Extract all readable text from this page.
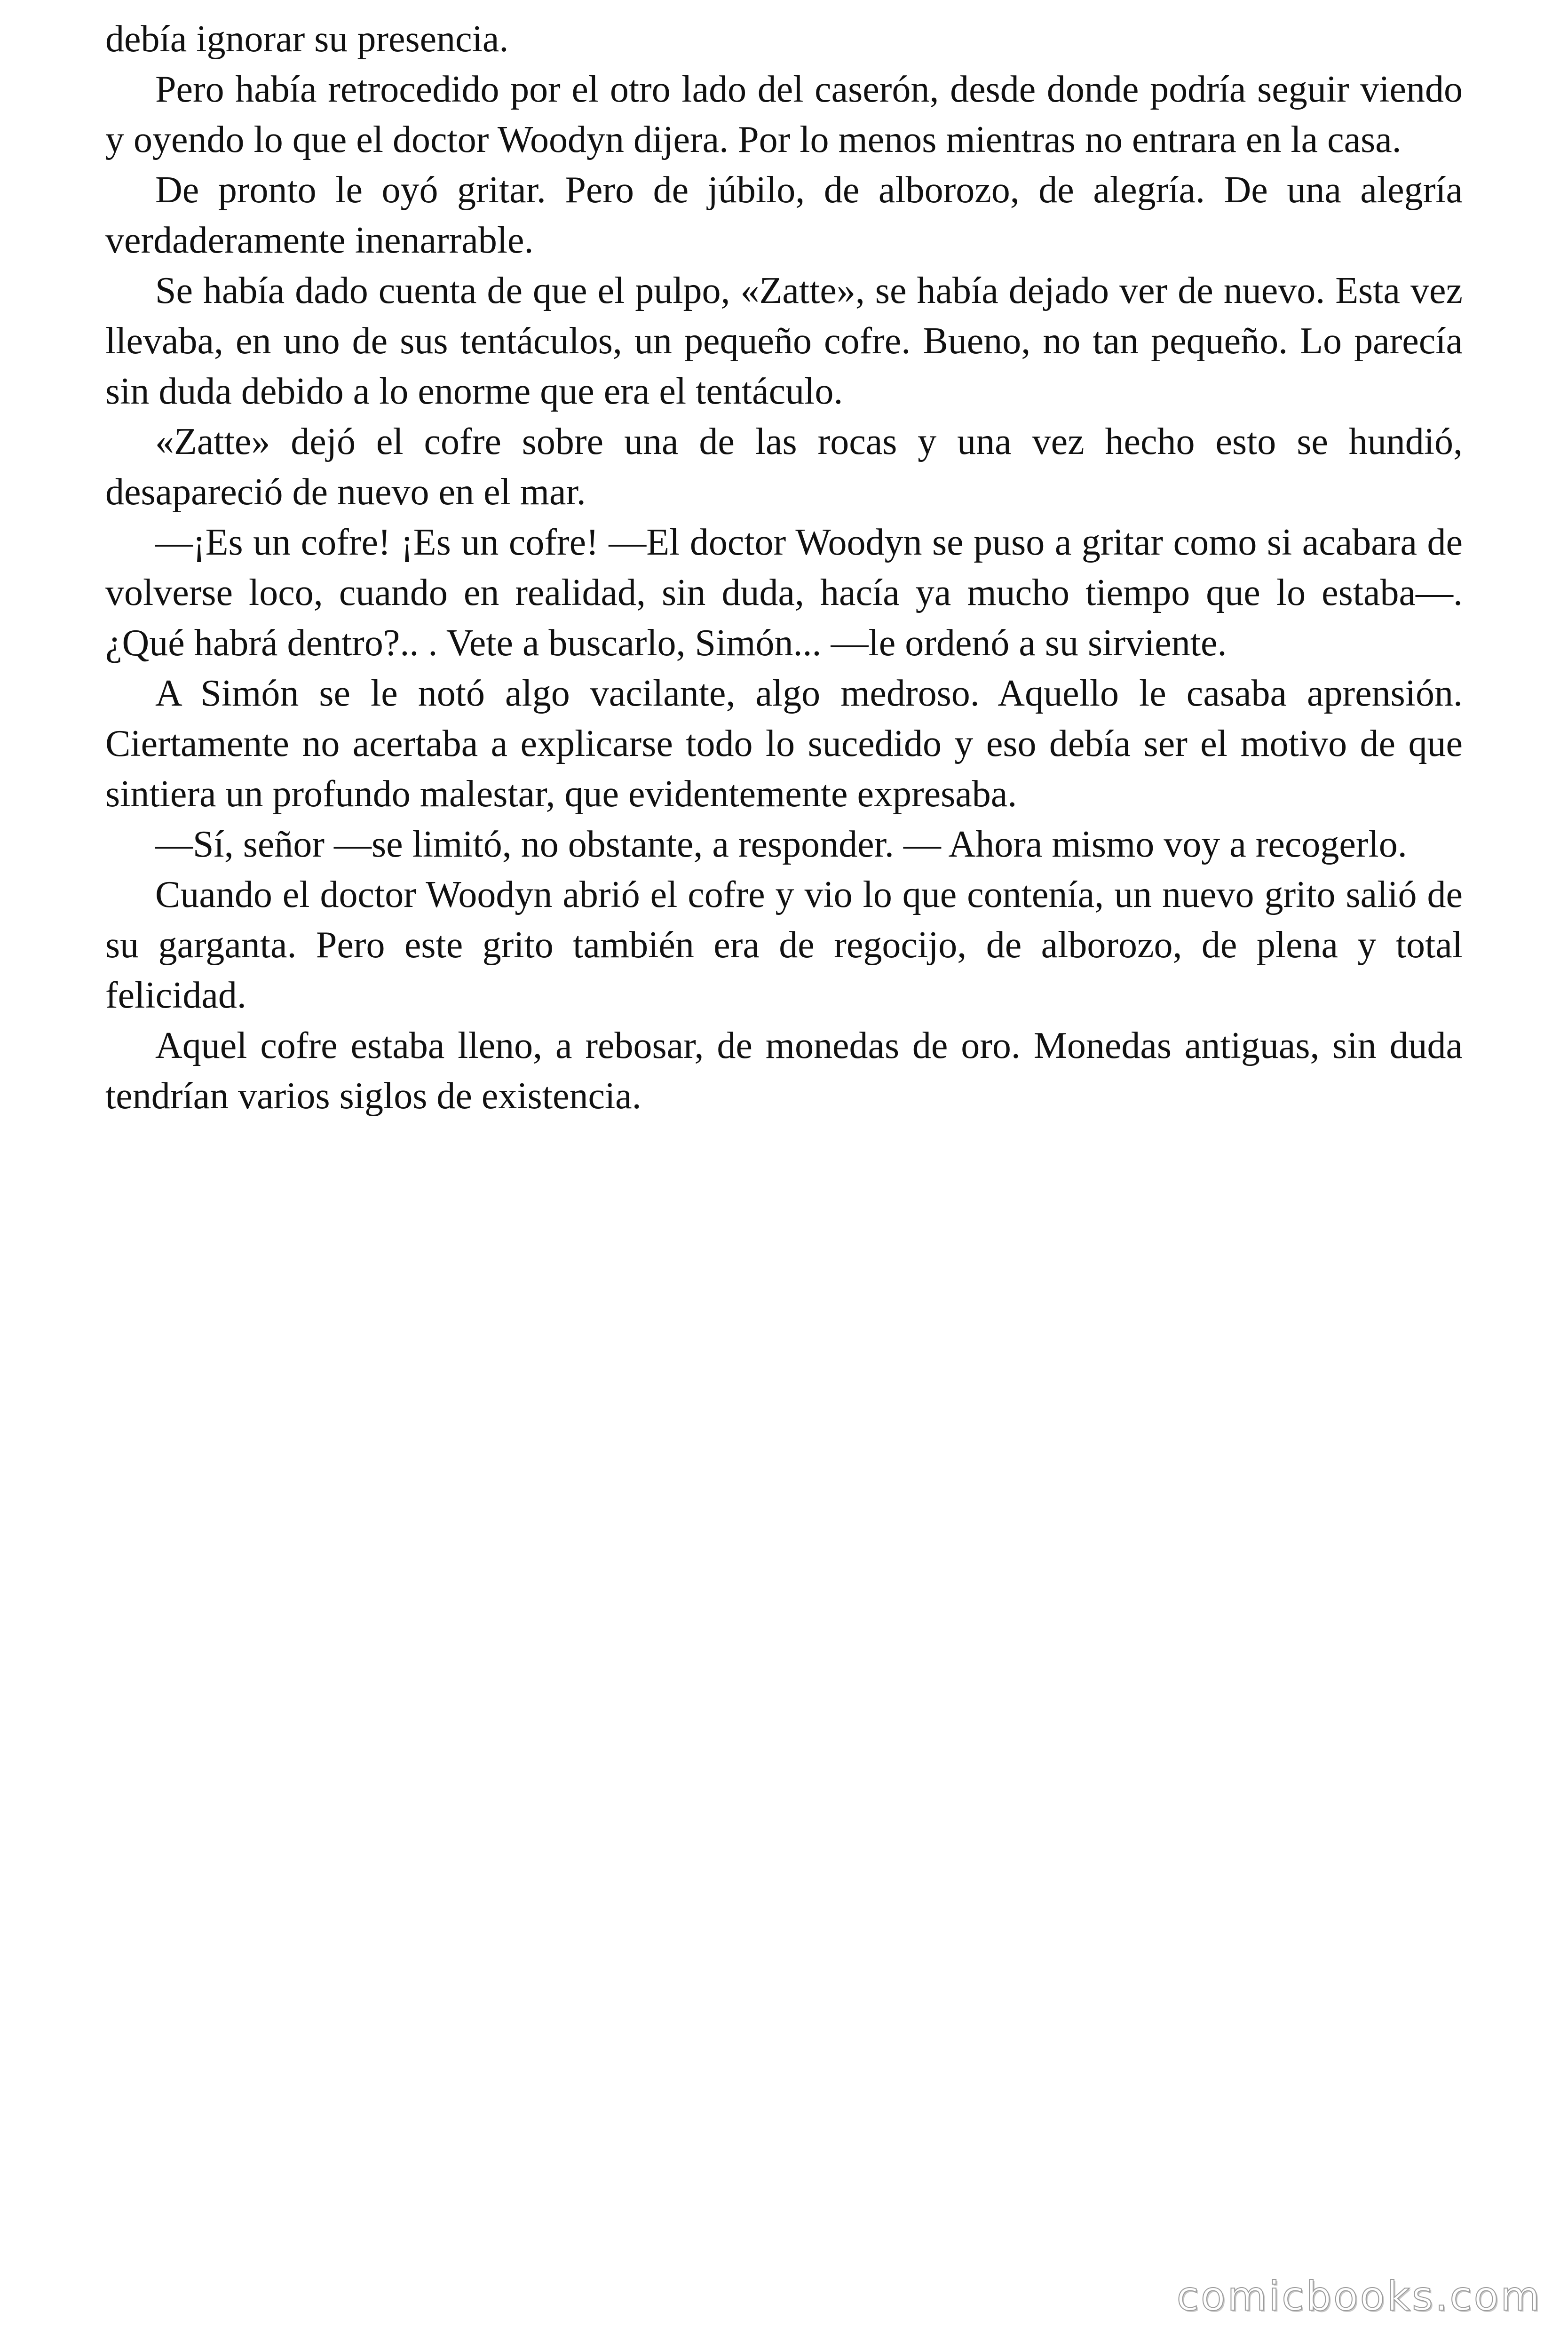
debía ignorar su presencia.

Pero había retrocedido por el otro lado del caserón, desde donde podría seguir viendo y oyendo lo que el doctor Woodyn dijera. Por lo menos mientras no entrara en la casa.

De pronto le oyó gritar. Pero de júbilo, de alborozo, de alegría. De una alegría verdaderamente inenarrable.

Se había dado cuenta de que el pulpo, «Zatte», se había dejado ver de nuevo. Esta vez llevaba, en uno de sus tentáculos, un pequeño cofre. Bueno, no tan pequeño. Lo parecía sin duda debido a lo enorme que era el tentáculo.

«Zatte» dejó el cofre sobre una de las rocas y una vez hecho esto se hundió, desapareció de nuevo en el mar.

—¡Es un cofre! ¡Es un cofre! —El doctor Woodyn se puso a gritar como si acabara de volverse loco, cuando en realidad, sin duda, hacía ya mucho tiempo que lo estaba—. ¿Qué habrá dentro?.. . Vete a buscarlo, Simón... —le ordenó a su sirviente.

A Simón se le notó algo vacilante, algo medroso. Aquello le casaba aprensión. Ciertamente no acertaba a explicarse todo lo sucedido y eso debía ser el motivo de que sintiera un profundo malestar, que evidentemente expresaba.

—Sí, señor —se limitó, no obstante, a responder. — Ahora mismo voy a recogerlo.

Cuando el doctor Woodyn abrió el cofre y vio lo que contenía, un nuevo grito salió de su garganta. Pero este grito también era de regocijo, de alborozo, de plena y total felicidad.

Aquel cofre estaba lleno, a rebosar, de monedas de oro. Monedas antiguas, sin duda tendrían varios siglos de existencia.

comicbooks.com
